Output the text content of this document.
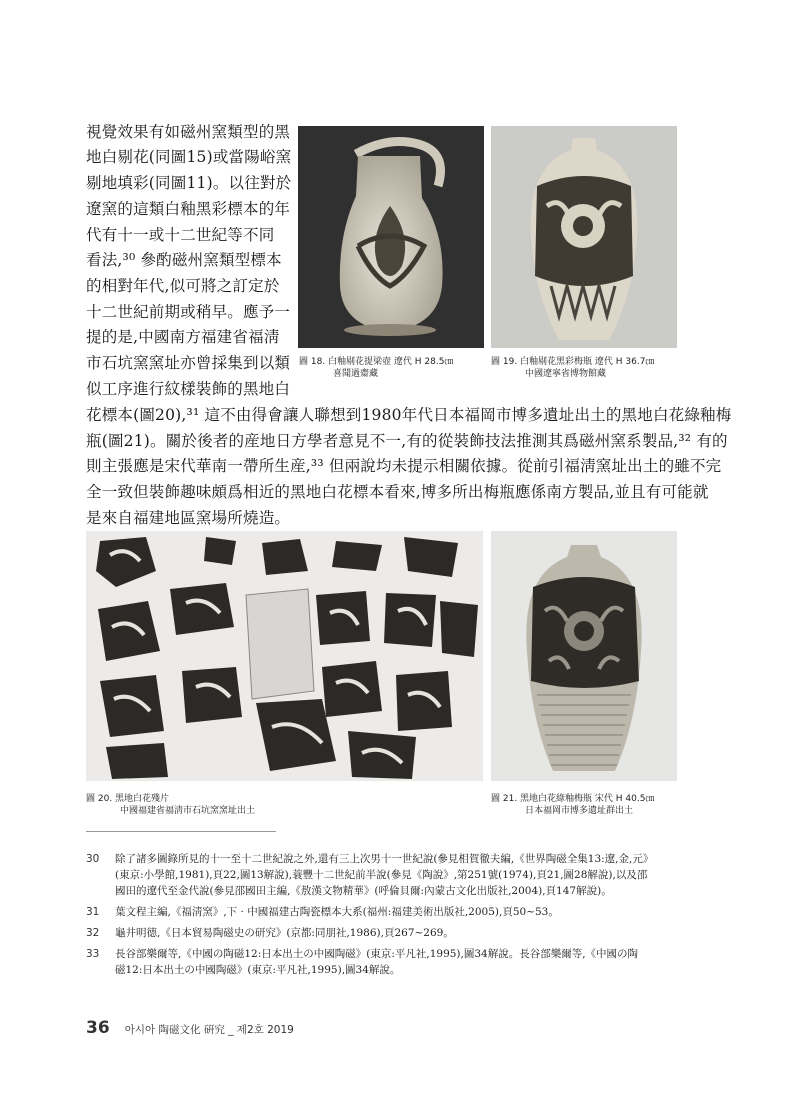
視覺效果有如磁州窯類型的黑
地白剔花(同圖15)或當陽峪窯
剔地填彩(同圖11)。以往對於
遼窯的這類白釉黑彩標本的年
代有十一或十二世紀等不同
看法,³⁰ 參酌磁州窯類型標本
的相對年代,似可將之訂定於
十二世紀前期或稍早。應予一
提的是,中國南方福建省福淸
市石坑窯窯址亦曾採集到以類
似工序進行紋樣裝飾的黑地白
圖 18. 白釉剔花提梁壺 遼代 H 28.5㎝
喜聞過齋藏
圖 19. 白釉剔花黑彩梅瓶 遼代 H 36.7㎝
中國遼寧省博物館藏
花標本(圖20),³¹ 這不由得會讓人聯想到1980年代日本福岡市博多遺址出土的黑地白花綠釉梅
瓶(圖21)。關於後者的産地日方學者意見不一,有的從裝飾技法推測其爲磁州窯系製品,³² 有的
則主張應是宋代華南一帶所生産,³³ 但兩說均未提示相關依據。從前引福淸窯址出土的雖不完
全一致但裝飾趣味頗爲相近的黑地白花標本看來,博多所出梅瓶應係南方製品,並且有可能就
是來自福建地區窯場所燒造。
圖 20. 黑地白花殘片
中國福建省福淸市石坑窯窯址出土
圖 21. 黑地白花綠釉梅瓶 宋代 H 40.5㎝
日本福岡市博多遺址群出土
30 除了諸多圖錄所見的十一至十二世紀說之外,還有三上次男十一世紀說(參見相賀徹夫編,《世界陶磁全集13:遼,金,元》
(東京:小學館,1981),頁22,圖13解說),蓑豐十二世紀前半說(參見《陶說》,第251號(1974),頁21,圖28解說),以及邵
國田的遼代至金代說(參見邵國田主編,《敖漢文物精華》(呼倫貝爾:內蒙古文化出版社,2004),頁147解說)。
31 葉文程主編,《福淸窯》,下 · 中國福建古陶瓷標本大系(福州:福建美術出版社,2005),頁50~53。
32 龜井明德,《日本貿易陶磁史の研究》(京都:同朋社,1986),頁267~269。
33 長谷部樂爾等,《中國の陶磁12:日本出土の中國陶磁》(東京:平凡社,1995),圖34解說。長谷部樂爾等,《中國の陶
磁12:日本出土の中國陶磁》(東京:平凡社,1995),圖34解說。
36 아시아 陶磁文化 硏究 _ 제2호 2019
